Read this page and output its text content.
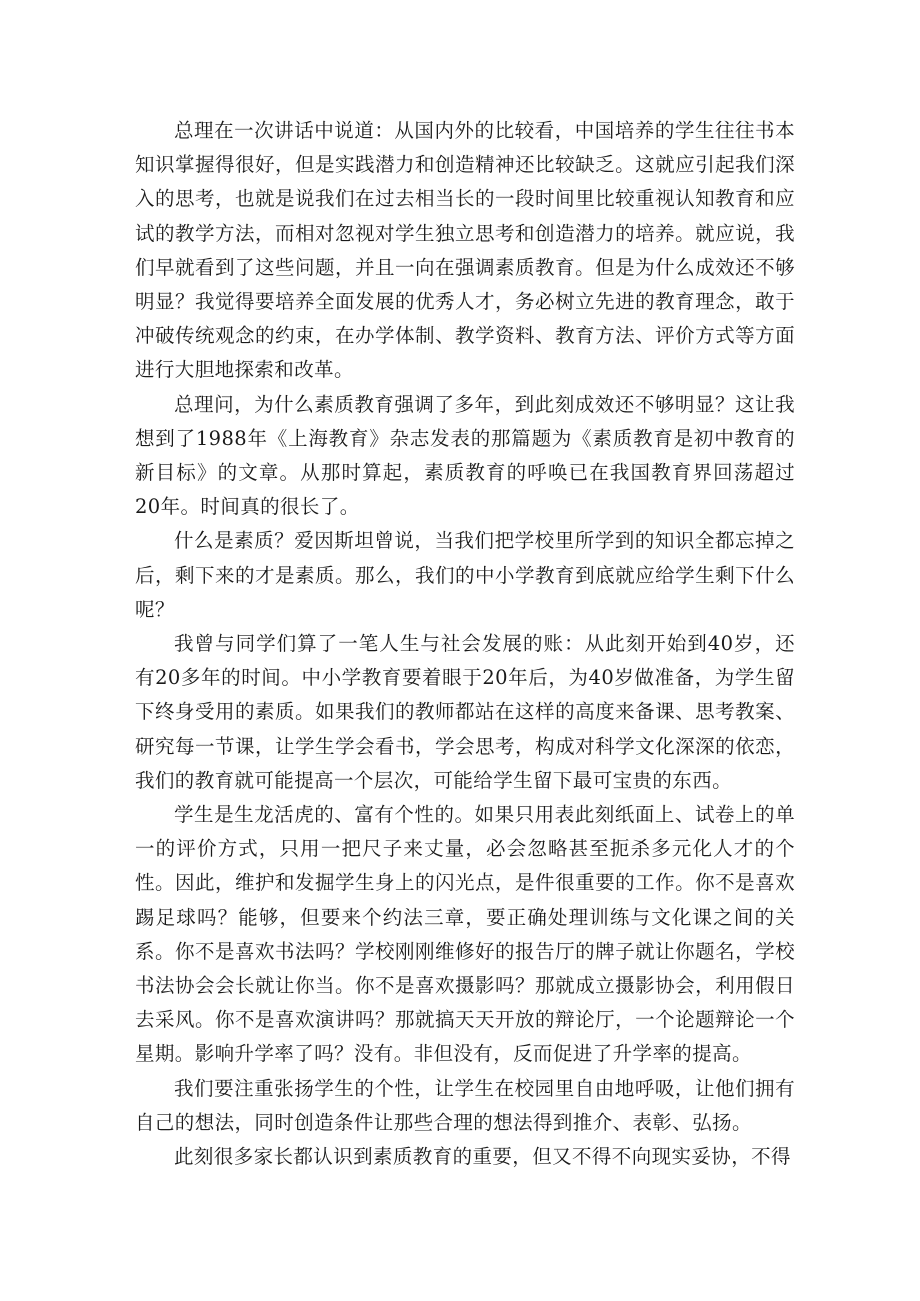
总理在一次讲话中说道：从国内外的比较看，中国培养的学生往往书本知识掌握得很好，但是实践潜力和创造精神还比较缺乏。这就应引起我们深入的思考，也就是说我们在过去相当长的一段时间里比较重视认知教育和应试的教学方法，而相对忽视对学生独立思考和创造潜力的培养。就应说，我们早就看到了这些问题，并且一向在强调素质教育。但是为什么成效还不够明显？我觉得要培养全面发展的优秀人才，务必树立先进的教育理念，敢于冲破传统观念的约束，在办学体制、教学资料、教育方法、评价方式等方面进行大胆地探索和改革。

总理问，为什么素质教育强调了多年，到此刻成效还不够明显？这让我想到了1988年《上海教育》杂志发表的那篇题为《素质教育是初中教育的新目标》的文章。从那时算起，素质教育的呼唤已在我国教育界回荡超过20年。时间真的很长了。

什么是素质？爱因斯坦曾说，当我们把学校里所学到的知识全都忘掉之后，剩下来的才是素质。那么，我们的中小学教育到底就应给学生剩下什么呢？

我曾与同学们算了一笔人生与社会发展的账：从此刻开始到40岁，还有20多年的时间。中小学教育要着眼于20年后，为40岁做准备，为学生留下终身受用的素质。如果我们的教师都站在这样的高度来备课、思考教案、研究每一节课，让学生学会看书，学会思考，构成对科学文化深深的依恋，我们的教育就可能提高一个层次，可能给学生留下最可宝贵的东西。

学生是生龙活虎的、富有个性的。如果只用表此刻纸面上、试卷上的单一的评价方式，只用一把尺子来丈量，必会忽略甚至扼杀多元化人才的个性。因此，维护和发掘学生身上的闪光点，是件很重要的工作。你不是喜欢踢足球吗？能够，但要来个约法三章，要正确处理训练与文化课之间的关系。你不是喜欢书法吗？学校刚刚维修好的报告厅的牌子就让你题名，学校书法协会会长就让你当。你不是喜欢摄影吗？那就成立摄影协会，利用假日去采风。你不是喜欢演讲吗？那就搞天天开放的辩论厅，一个论题辩论一个星期。影响升学率了吗？没有。非但没有，反而促进了升学率的提高。

我们要注重张扬学生的个性，让学生在校园里自由地呼吸，让他们拥有自己的想法，同时创造条件让那些合理的想法得到推介、表彰、弘扬。

此刻很多家长都认识到素质教育的重要，但又不得不向现实妥协，不得
